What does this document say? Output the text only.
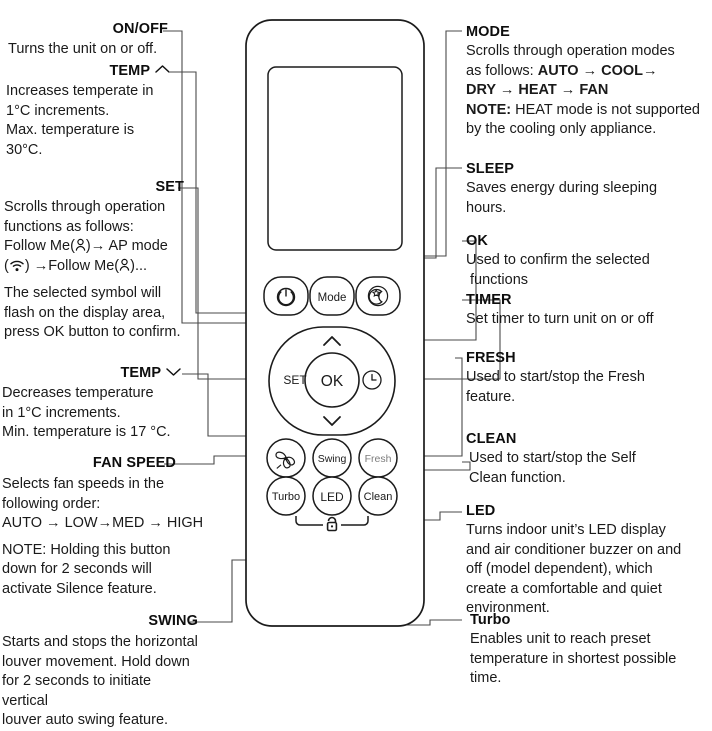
Mode
SET OK
Swing Fresh
Turbo LED Clean
ON/OFF
Turns the unit on or off.
TEMP
Increases temperate in
1°C increments.
Max. temperature is
30°C.
SET
Scrolls through operation
functions as follows:
Follow Me( )→ AP mode
( ) →Follow Me( )...
The selected symbol will
flash on the display area,
press OK button to confirm.
TEMP
Decreases temperature
in 1°C increments.
Min. temperature is 17 °C.
FAN SPEED
Selects fan speeds in the
following order:
AUTO → LOW→MED → HIGH
NOTE: Holding this button
down for 2 seconds will
activate Silence feature.
SWING
Starts and stops the horizontal
louver movement. Hold down
for 2 seconds to initiate vertical
louver auto swing feature.
MODE
Scrolls through operation modes
as follows: AUTO → COOL→
DRY → HEAT → FAN
NOTE: HEAT mode is not supported
by the cooling only appliance.
SLEEP
Saves energy during sleeping
hours.
OK
Used to confirm the selected
functions
TIMER
Set timer to turn unit on or off
FRESH
Used to start/stop the Fresh
feature.
CLEAN
Used to start/stop the Self
Clean function.
LED
Turns indoor unit’s LED display
and air conditioner buzzer on and
off (model dependent), which
create a comfortable and quiet
environment.
Turbo
Enables unit to reach preset
temperature in shortest possible
time.
